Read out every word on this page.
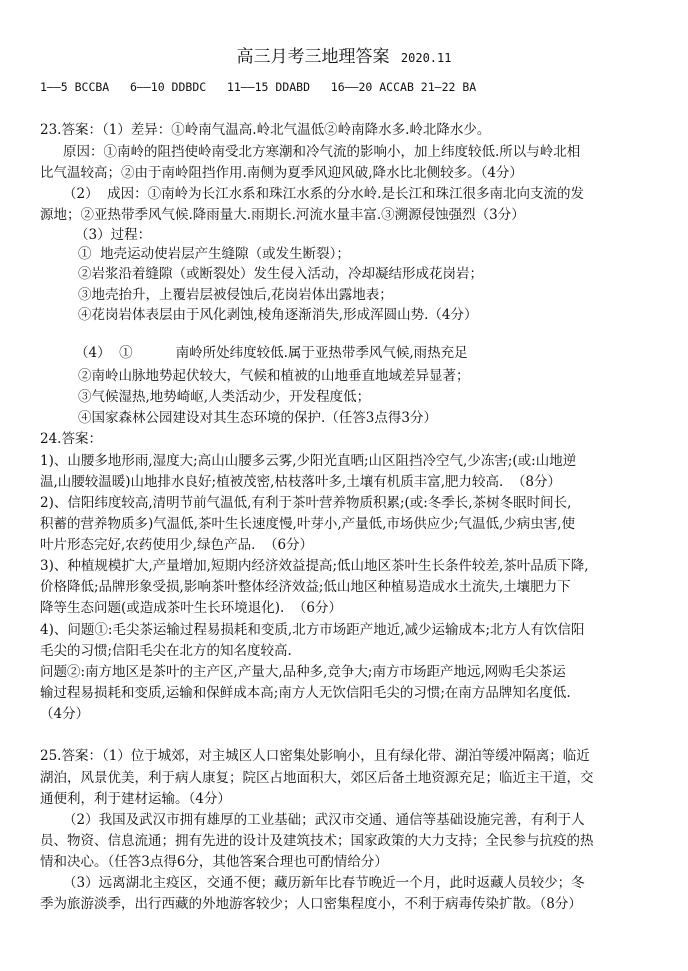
高三月考三地理答案 2020.11
1——5 BCCBA   6——10 DDBDC   11——15 DDABD   16——20 ACCAB 21—22 BA
23.答案：（1）差异：①岭南气温高.岭北气温低②岭南降水多.岭北降水少。
原因：①南岭的阻挡使岭南受北方寒潮和冷气流的影响小，加上纬度较低.所以与岭北相
比气温较高；②由于南岭阻挡作用.南侧为夏季风迎风破,降水比北侧较多。（4分）
（2）  成因：①南岭为长江水系和珠江水系的分水岭.是长江和珠江很多南北向支流的发
源地；②亚热带季风气候.降雨量大.雨期长.河流水量丰富.③溯源侵蚀强烈（3分）
（3）过程：
①  地壳运动使岩层产生缝隙（或发生断裂）；
②岩浆沿着缝隙（或断裂处）发生侵入活动，冷却凝结形成花岗岩；
③地壳抬升，上覆岩层被侵蚀后,花岗岩体出露地表；
④花岗岩体表层由于风化剥蚀,棱角逐渐消失,形成浑圆山势.（4分）
（4）  ①          南岭所处纬度较低.属于亚热带季风气候,雨热充足
②南岭山脉地势起伏较大，气候和植被的山地垂直地域差异显著；
③气候湿热,地势崎岖,人类活动少，开发程度低；
④国家森林公园建设对其生态环境的保护.（任答3点得3分）
24.答案：
1)、山腰多地形雨,湿度大;高山山腰多云雾,少阳光直晒;山区阻挡冷空气,少冻害;(或:山地逆
温,山腰较温暖)山地排水良好;植被茂密,枯枝落叶多,土壤有机质丰富,肥力较高.  （8分）
2)、信阳纬度较高,清明节前气温低,有利于茶叶营养物质积累;(或:冬季长,茶树冬眠时间长,
积蓄的营养物质多)气温低,茶叶生长速度慢,叶芽小,产量低,市场供应少;气温低,少病虫害,使
叶片形态完好,农药使用少,绿色产品.  （6分）
3)、种植规模扩大,产量增加,短期内经济效益提高;低山地区茶叶生长条件较差,茶叶品质下降,
价格降低;品牌形象受损,影响茶叶整体经济效益;低山地区种植易造成水土流失,土壤肥力下
降等生态问题(或造成茶叶生长环境退化).  （6分）
4)、问题①:毛尖茶运输过程易损耗和变质,北方市场距产地近,减少运输成本;北方人有饮信阳
毛尖的习惯;信阳毛尖在北方的知名度较高.
问题②:南方地区是茶叶的主产区,产量大,品种多,竞争大;南方市场距产地远,网购毛尖茶运
输过程易损耗和变质,运输和保鲜成本高;南方人无饮信阳毛尖的习惯;在南方品牌知名度低.
（4分）
25.答案：（1）位于城郊，对主城区人口密集处影响小，且有绿化带、湖泊等缓冲隔离；临近
湖泊，风景优美，利于病人康复；院区占地面积大，郊区后备土地资源充足；临近主干道，交
通便利，利于建材运输。（4分）
（2）我国及武汉市拥有雄厚的工业基础；武汉市交通、通信等基础设施完善，有利于人
员、物资、信息流通；拥有先进的设计及建筑技术；国家政策的大力支持；全民参与抗疫的热
情和决心。（任答3点得6分，其他答案合理也可酌情给分）
（3）远离湖北主疫区，交通不便；藏历新年比春节晚近一个月，此时返藏人员较少；冬
季为旅游淡季，出行西藏的外地游客较少；人口密集程度小，不利于病毒传染扩散。（8分）
